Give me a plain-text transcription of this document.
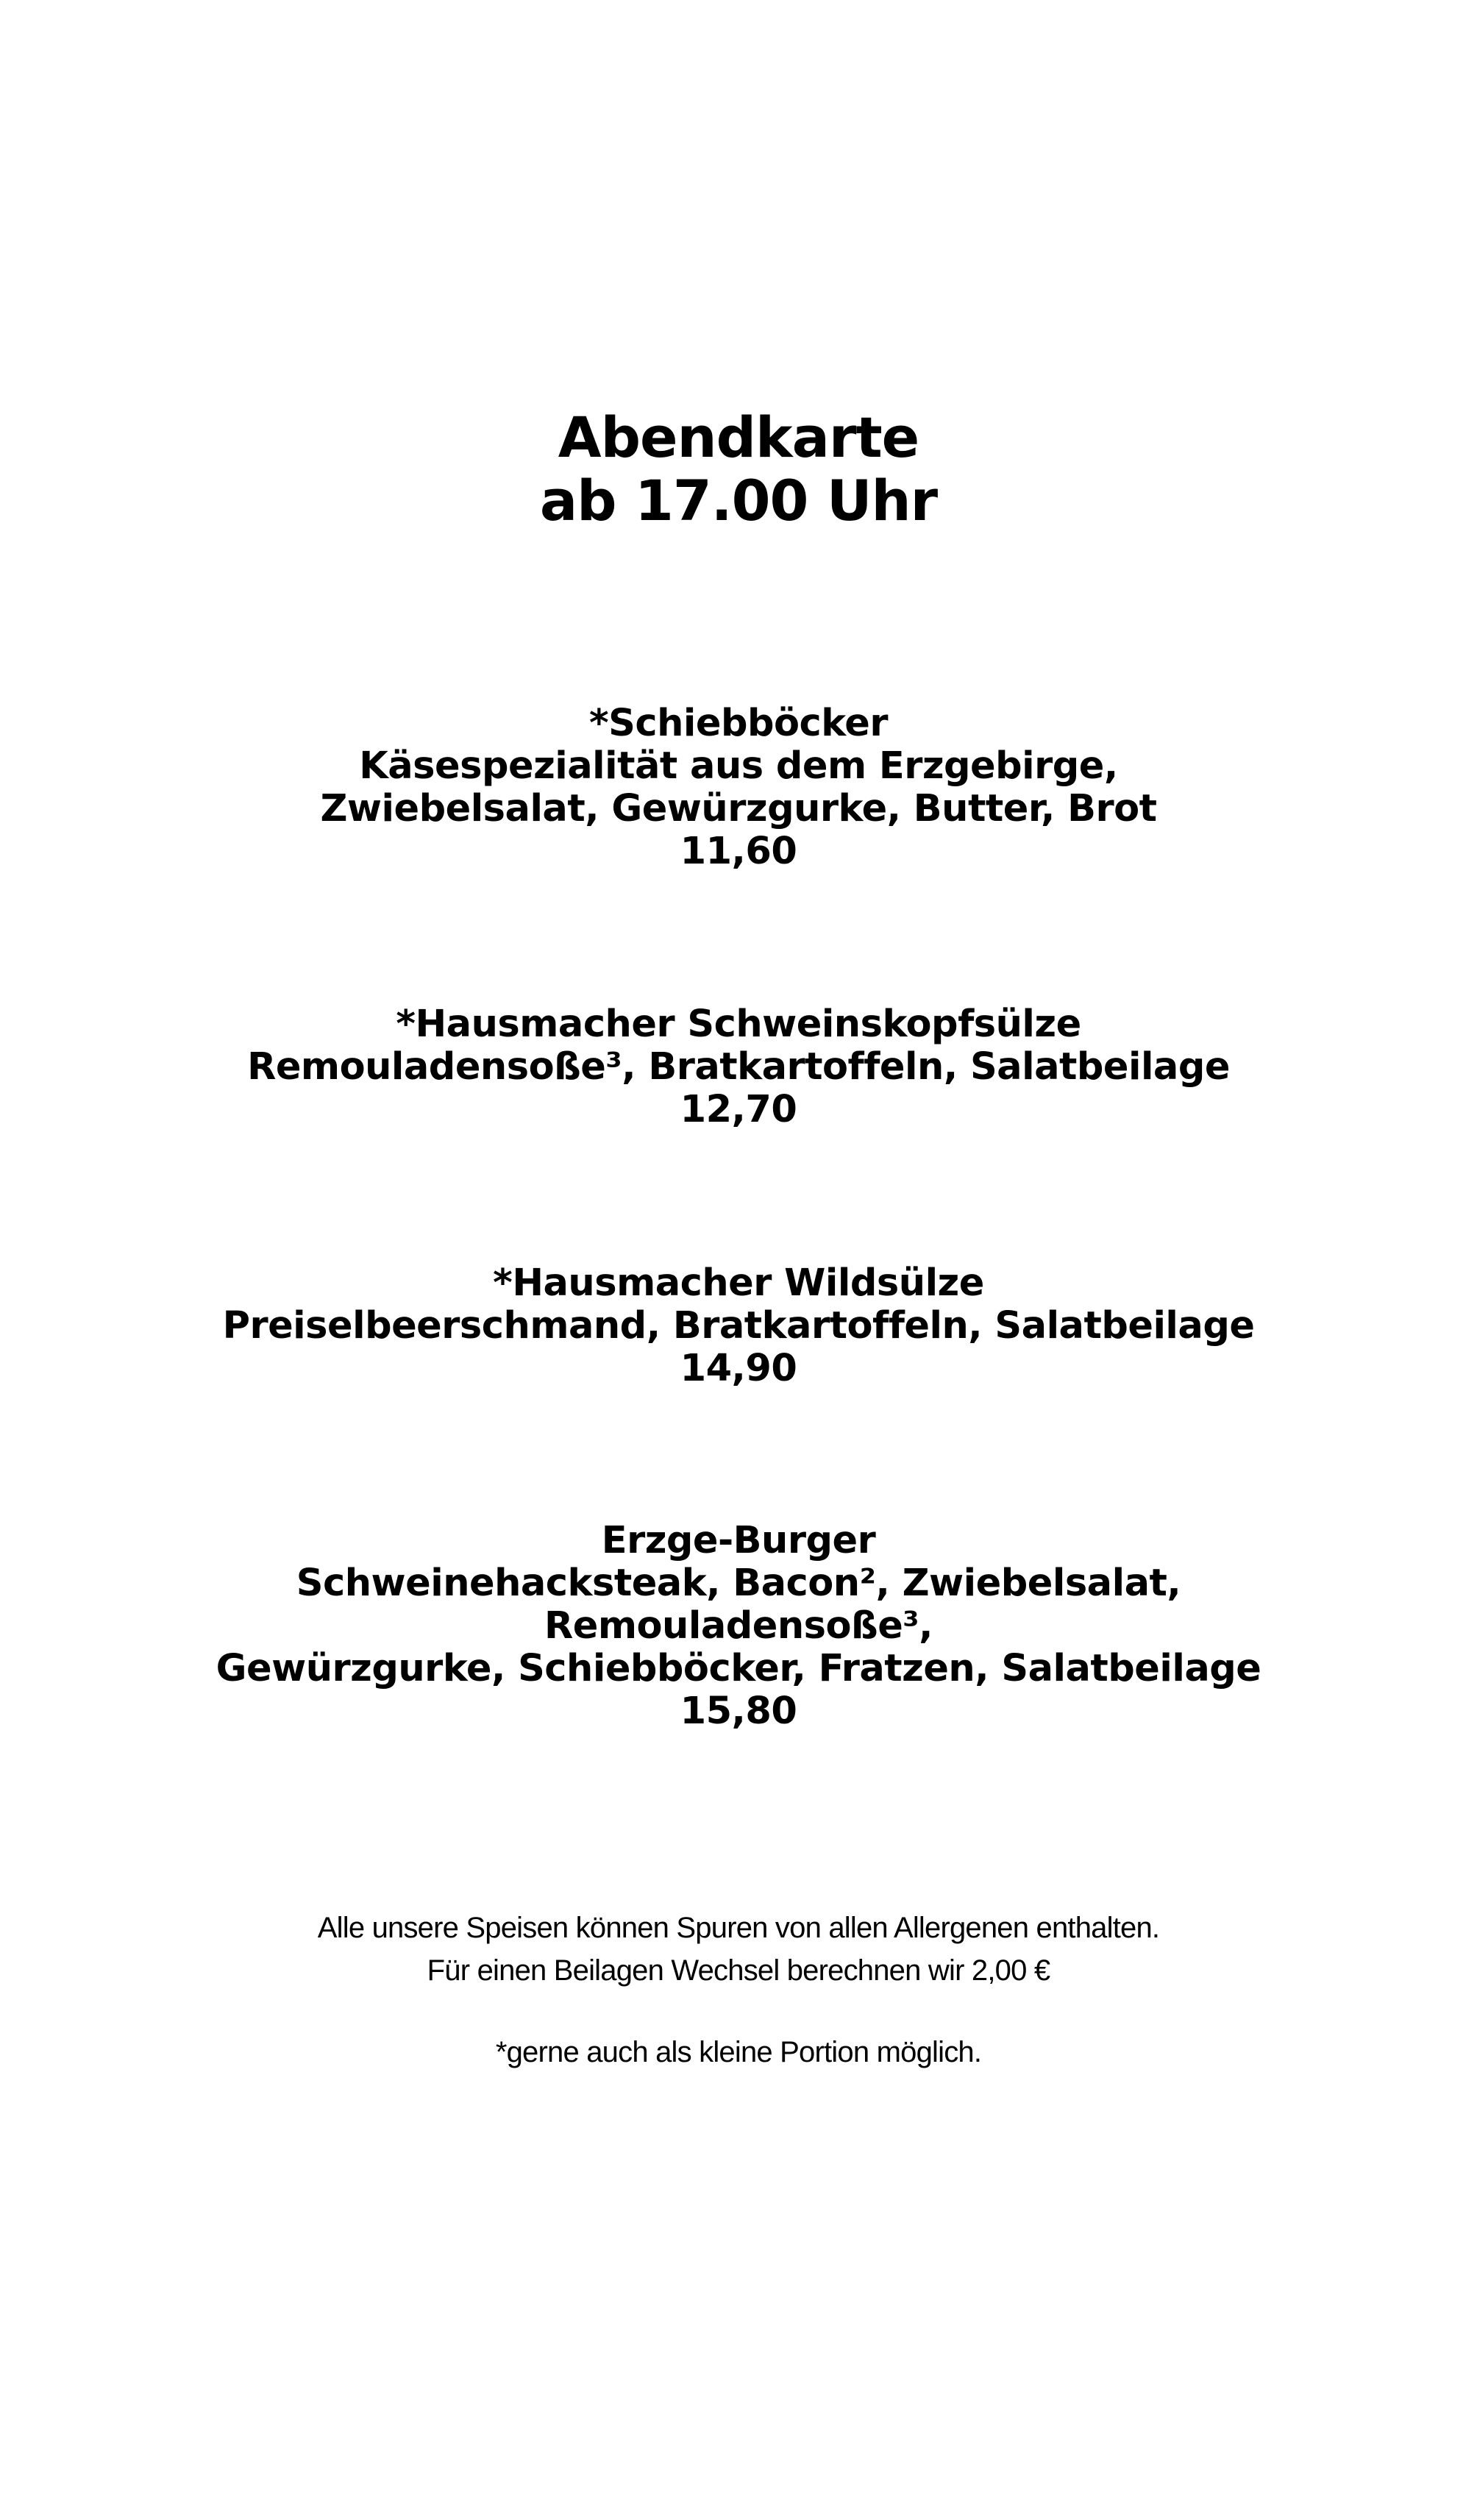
Abendkarte
ab 17.00 Uhr
*Schiebböcker
Käsespezialität aus dem Erzgebirge,
Zwiebelsalat, Gewürzgurke, Butter, Brot
11,60
*Hausmacher Schweinskopfsülze
Remouladensoße³, Bratkartoffeln, Salatbeilage
12,70
*Hausmacher Wildsülze
Preiselbeerschmand, Bratkartoffeln, Salatbeilage
14,90
Erzge-Burger
Schweinehacksteak, Bacon², Zwiebelsalat,
Remouladensoße³,
Gewürzgurke, Schiebböcker, Fratzen, Salatbeilage
15,80
Alle unsere Speisen können Spuren von allen Allergenen enthalten.
Für einen Beilagen Wechsel berechnen wir 2,00 €
*gerne auch als kleine Portion möglich.
